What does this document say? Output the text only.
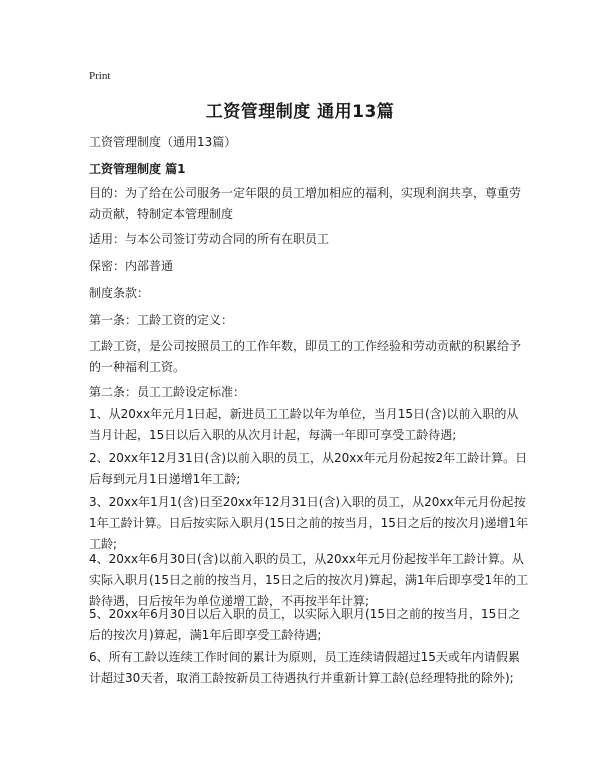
Print
工资管理制度 通用13篇
工资管理制度（通用13篇）
工资管理制度 篇1
目的：为了给在公司服务一定年限的员工增加相应的福利，实现利润共享，尊重劳动贡献，特制定本管理制度
适用：与本公司签订劳动合同的所有在职员工
保密：内部普通
制度条款：
第一条：工龄工资的定义：
工龄工资，是公司按照员工的工作年数，即员工的工作经验和劳动贡献的积累给予的一种福利工资。
第二条：员工工龄设定标准：
1、从20xx年元月1日起，新进员工工龄以年为单位，当月15日(含)以前入职的从当月计起，15日以后入职的从次月计起，每满一年即可享受工龄待遇;
2、20xx年12月31日(含)以前入职的员工，从20xx年元月份起按2年工龄计算。日后每到元月1日递增1年工龄;
3、20xx年1月1(含)日至20xx年12月31日(含)入职的员工，从20xx年元月份起按1年工龄计算。日后按实际入职月(15日之前的按当月，15日之后的按次月)递增1年工龄;
4、20xx年6月30日(含)以前入职的员工，从20xx年元月份起按半年工龄计算。从实际入职月(15日之前的按当月，15日之后的按次月)算起，满1年后即享受1年的工龄待遇，日后按年为单位递增工龄，不再按半年计算;
5、20xx年6月30日以后入职的员工，以实际入职月(15日之前的按当月，15日之后的按次月)算起，满1年后即享受工龄待遇;
6、所有工龄以连续工作时间的累计为原则，员工连续请假超过15天或年内请假累计超过30天者，取消工龄按新员工待遇执行并重新计算工龄(总经理特批的除外);
